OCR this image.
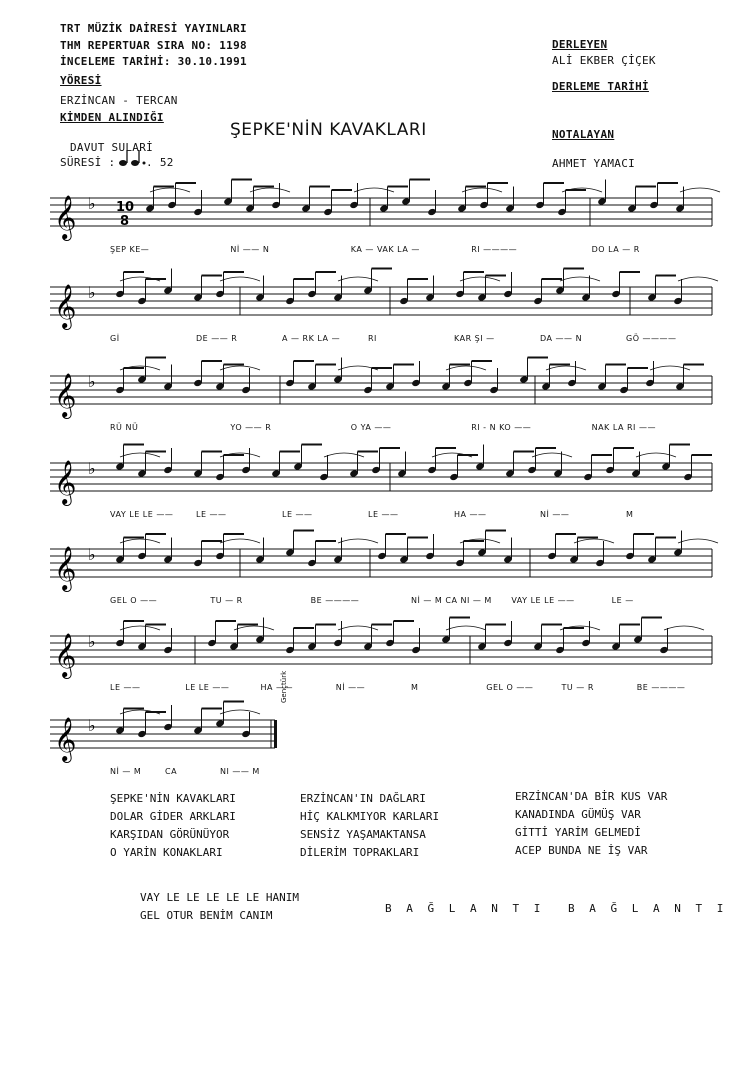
TRT MÜZİK DAİRESİ YAYINLARI
THM REPERTUAR SIRA NO: 1198
İNCELEME TARİHİ: 30.10.1991
YÖRESİ
ERZİNCAN - TERCAN
KİMDEN ALINDIĞI
DAVUT SULARİ
SÜRESİ :	. 52
DERLEYEN
ALİ EKBER ÇİÇEK
DERLEME TARİHİ
NOTALAYAN
AHMET YAMACI
ŞEPKE'NİN KAVAKLARI
𝄞 ♭ 10
8
𝄞 ♭
𝄞 ♭
𝄞 ♭
𝄞 ♭
𝄞 ♭
𝄞 ♭
ŞEP KE—	Nİ —— N	KA — VAK LA —	RI ————	DO LA — R
Gİ	DE —— R	A — RK LA —	RI	KAR ŞI —	DA —— N	GÖ ————
RÜ NÜ	YO —— R	O YA ——	RI - N KO ——	NAK LA RI ——
VAY LE LE ——	LE ——	LE ——	LE ——	HA ——	Nİ ——	M
GEL O ——	TU — R	BE ————	Nİ — M CA NI — M VAY LE LE ——	LE —
LE ——	LE LE ——	HA ——	Nİ ——	M	GEL O ——	TU — R	BE ————
Nİ — M	CA	NI —— M
Gençtürk
ŞEPKE'NİN KAVAKLARI
DOLAR GİDER ARKLARI
KARŞIDAN GÖRÜNÜYOR
O YARİN KONAKLARI
ERZİNCAN'IN DAĞLARI
HİÇ KALKMIYOR KARLARI
SENSİZ YAŞAMAKTANSA
DİLERİM TOPRAKLARI
ERZİNCAN'DA BİR KUS VAR
KANADINDA GÜMÜŞ VAR
GİTTİ YARİM GELMEDİ
ACEP BUNDA NE İŞ VAR
VAY LE LE LE LE LE HANIM
GEL OTUR BENİM CANIM
B A Ğ L A N T I B A Ğ L A N T I
